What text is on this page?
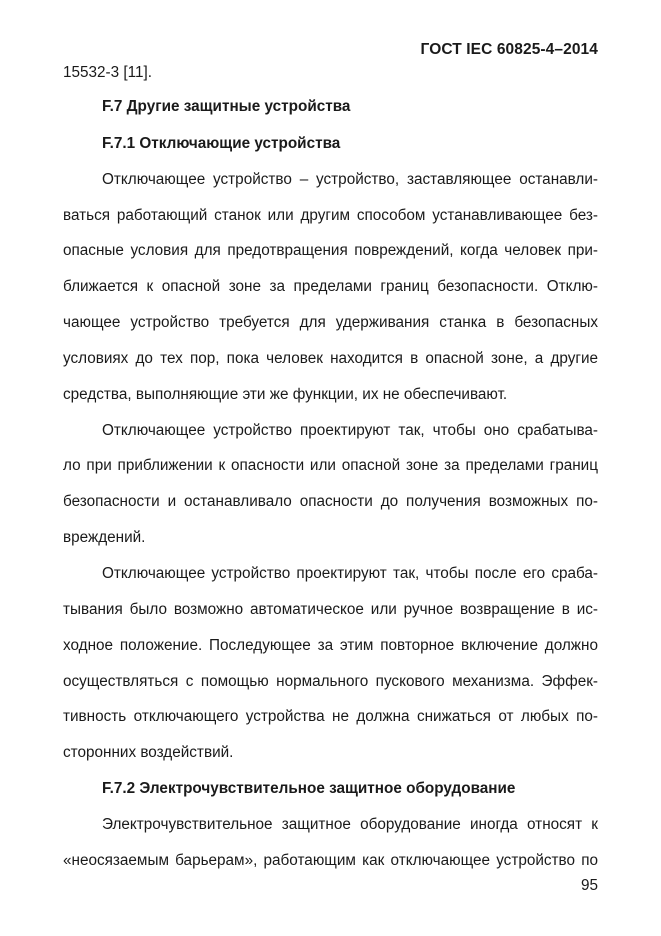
ГОСТ IEC 60825-4–2014
15532-3 [11].
F.7 Другие защитные устройства
F.7.1 Отключающие устройства
Отключающее устройство – устройство, заставляющее останавли-
ваться работающий станок или другим способом устанавливающее без-
опасные условия для предотвращения повреждений, когда человек при-
ближается к опасной зоне за пределами границ безопасности. Отклю-
чающее устройство требуется для удерживания станка в безопасных
условиях до тех пор, пока человек находится в опасной зоне, а другие
средства, выполняющие эти же функции, их не обеспечивают.
Отключающее устройство проектируют так, чтобы оно срабатыва-
ло при приближении к опасности или опасной зоне за пределами границ
безопасности и останавливало опасности до получения возможных по-
вреждений.
Отключающее устройство проектируют так, чтобы после его сраба-
тывания было возможно автоматическое или ручное возвращение в ис-
ходное положение. Последующее за этим повторное включение должно
осуществляться с помощью нормального пускового механизма. Эффек-
тивность отключающего устройства не должна снижаться от любых по-
сторонних воздействий.
F.7.2 Электрочувствительное защитное оборудование
Электрочувствительное защитное оборудование иногда относят к
«неосязаемым барьерам», работающим как отключающее устройство по
95
